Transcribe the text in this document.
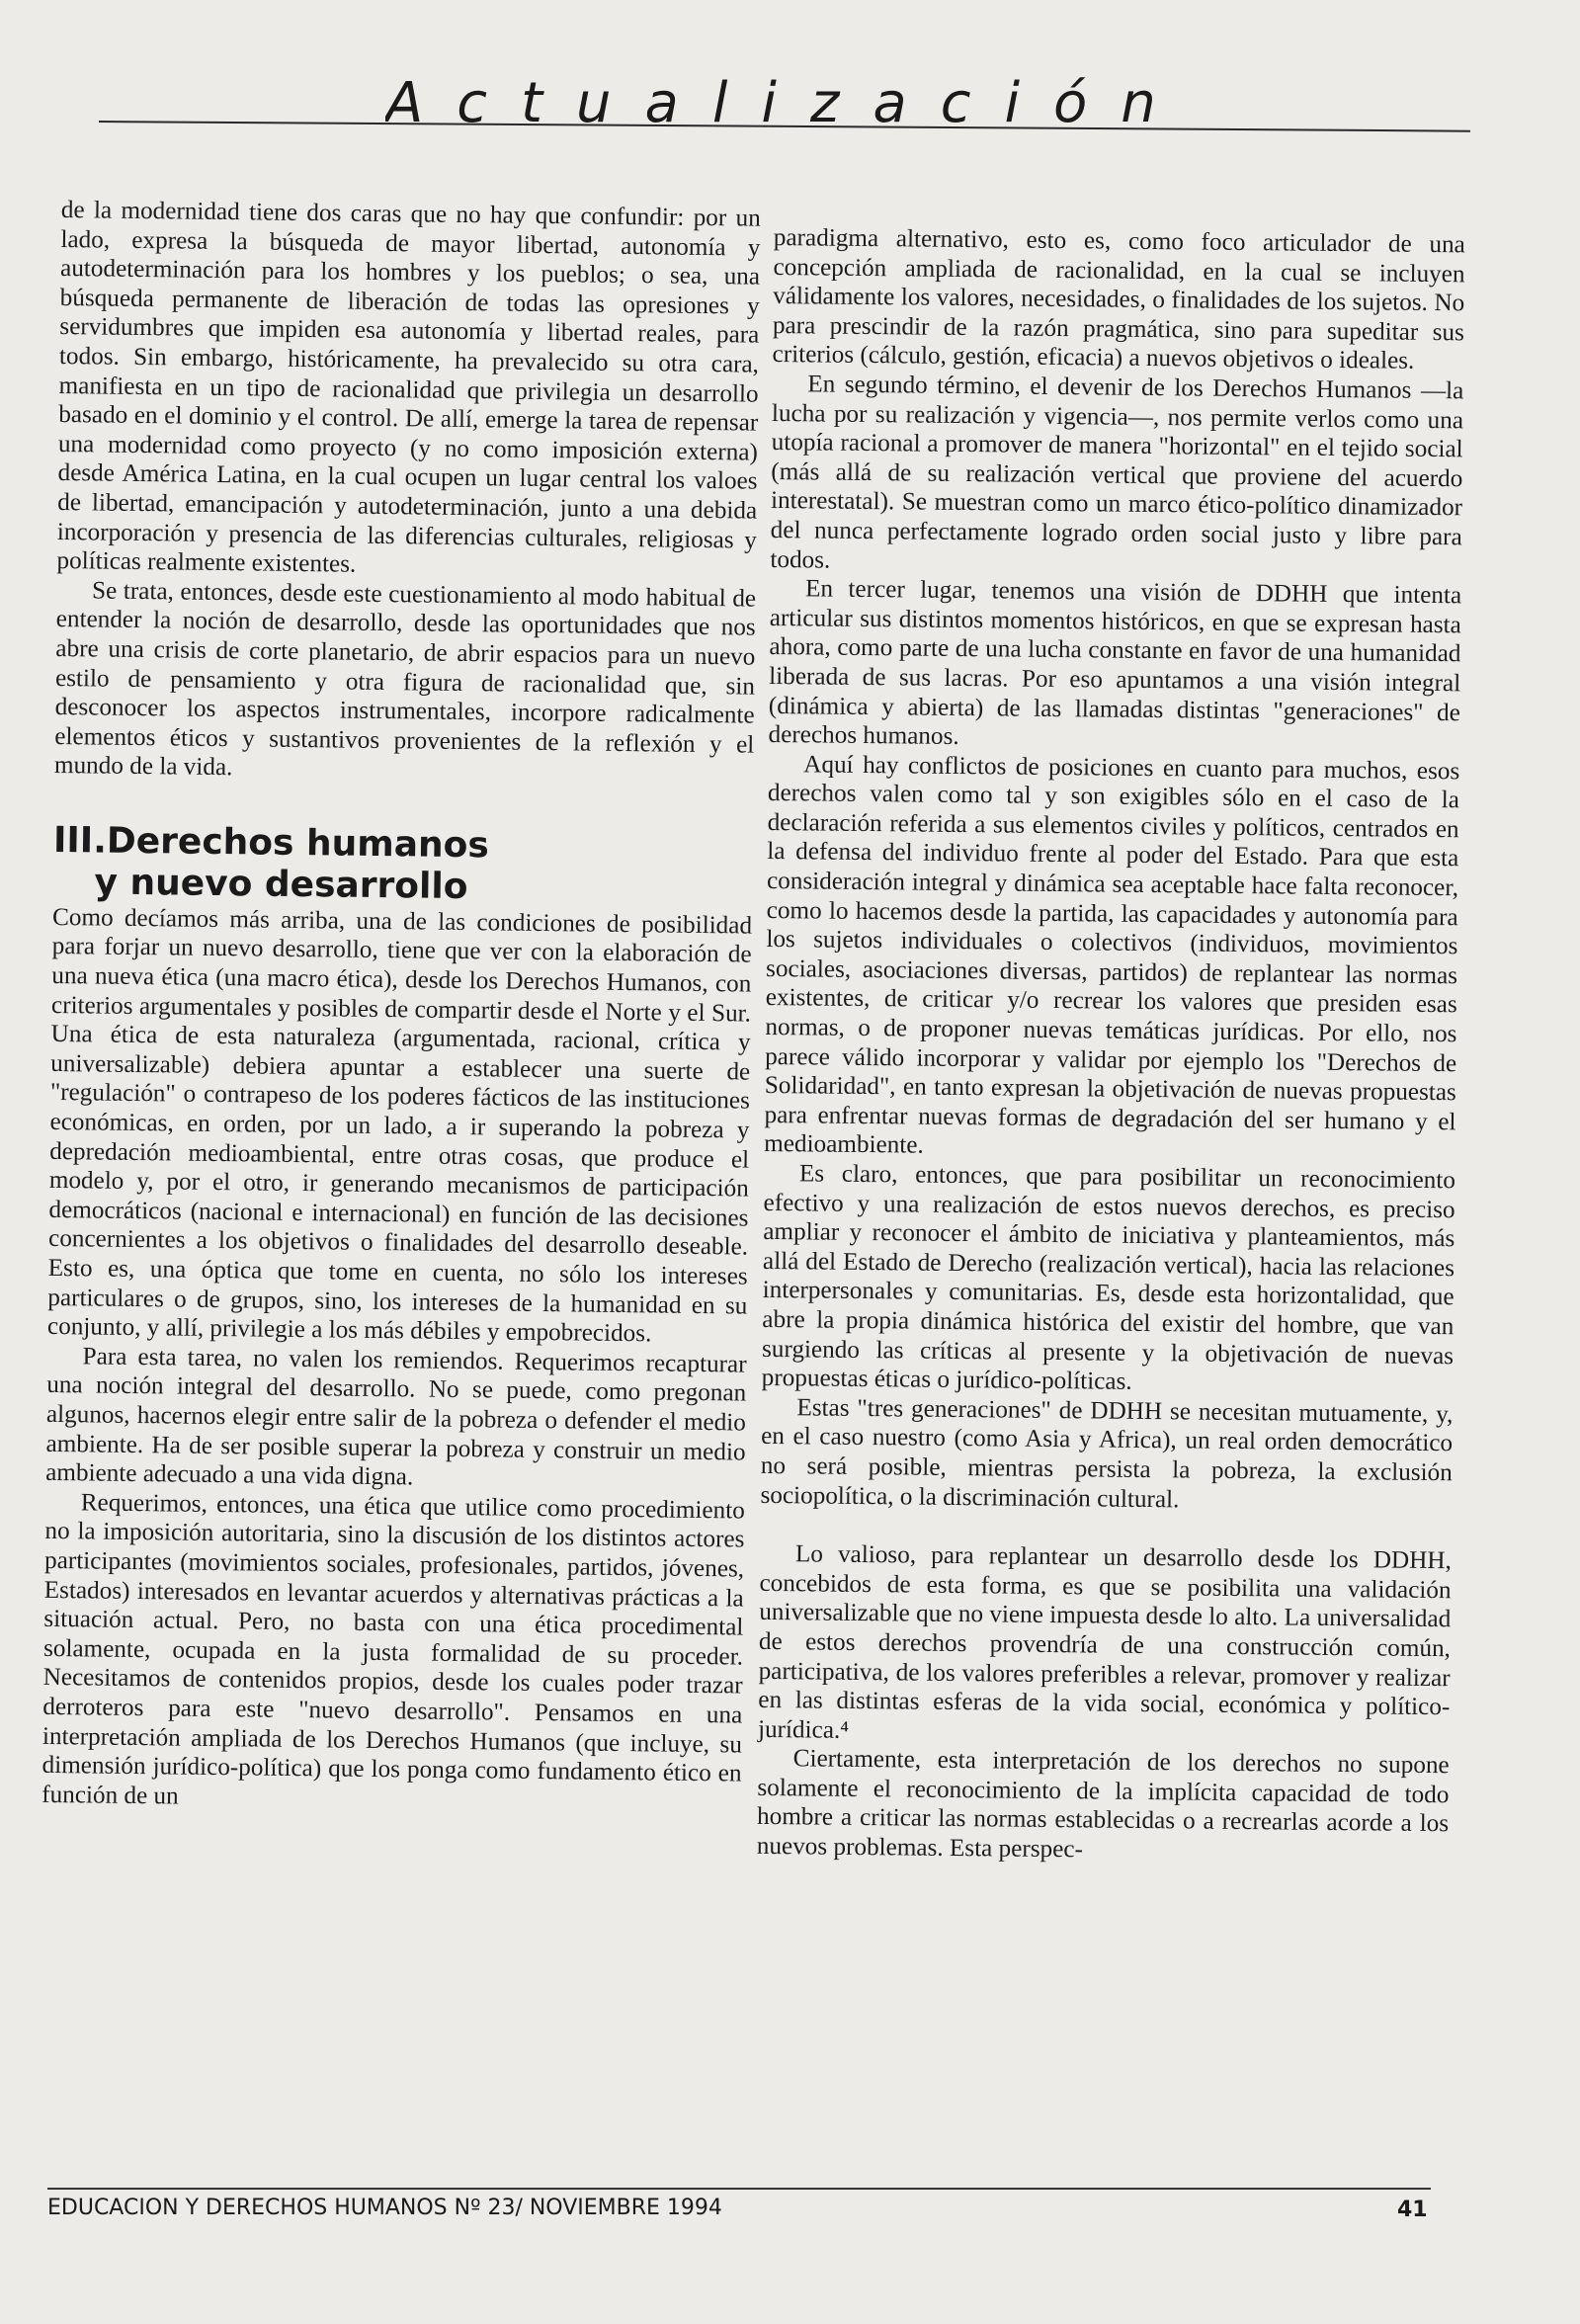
Actualización

de la modernidad tiene dos caras que no hay que confundir: por un lado, expresa la búsqueda de mayor libertad, autonomía y autodeterminación para los hombres y los pueblos; o sea, una búsqueda permanente de liberación de todas las opresiones y servidumbres que impiden esa autonomía y libertad reales, para todos. Sin embargo, históricamente, ha prevalecido su otra cara, manifiesta en un tipo de racionalidad que privilegia un desarrollo basado en el dominio y el control. De allí, emerge la tarea de repensar una modernidad como proyecto (y no como imposición externa) desde América Latina, en la cual ocupen un lugar central los valoes de libertad, emancipación y autodeterminación, junto a una debida incorporación y presencia de las diferencias culturales, religiosas y políticas realmente existentes.

Se trata, entonces, desde este cuestionamiento al modo habitual de entender la noción de desarrollo, desde las oportunidades que nos abre una crisis de corte planetario, de abrir espacios para un nuevo estilo de pensamiento y otra figura de racionalidad que, sin desconocer los aspectos instrumentales, incorpore radicalmente elementos éticos y sustantivos provenientes de la reflexión y el mundo de la vida.

III.Derechos humanos
y nuevo desarrollo

Como decíamos más arriba, una de las condiciones de posibilidad para forjar un nuevo desarrollo, tiene que ver con la elaboración de una nueva ética (una macro ética), desde los Derechos Humanos, con criterios argumentales y posibles de compartir desde el Norte y el Sur. Una ética de esta naturaleza (argumentada, racional, crítica y universalizable) debiera apuntar a establecer una suerte de "regulación" o contrapeso de los poderes fácticos de las instituciones económicas, en orden, por un lado, a ir superando la pobreza y depredación medioambiental, entre otras cosas, que produce el modelo y, por el otro, ir generando mecanismos de participación democráticos (nacional e internacional) en función de las decisiones concernientes a los objetivos o finalidades del desarrollo deseable. Esto es, una óptica que tome en cuenta, no sólo los intereses particulares o de grupos, sino, los intereses de la humanidad en su conjunto, y allí, privilegie a los más débiles y empobrecidos.

Para esta tarea, no valen los remiendos. Requerimos recapturar una noción integral del desarrollo. No se puede, como pregonan algunos, hacernos elegir entre salir de la pobreza o defender el medio ambiente. Ha de ser posible superar la pobreza y construir un medio ambiente adecuado a una vida digna.

Requerimos, entonces, una ética que utilice como procedimiento no la imposición autoritaria, sino la discusión de los distintos actores participantes (movimientos sociales, profesionales, partidos, jóvenes, Estados) interesados en levantar acuerdos y alternativas prácticas a la situación actual. Pero, no basta con una ética procedimental solamente, ocupada en la justa formalidad de su proceder. Necesitamos de contenidos propios, desde los cuales poder trazar derroteros para este "nuevo desarrollo". Pensamos en una interpretación ampliada de los Derechos Humanos (que incluye, su dimensión jurídico-política) que los ponga como fundamento ético en función de un

paradigma alternativo, esto es, como foco articulador de una concepción ampliada de racionalidad, en la cual se incluyen válidamente los valores, necesidades, o finalidades de los sujetos. No para prescindir de la razón pragmática, sino para supeditar sus criterios (cálculo, gestión, eficacia) a nuevos objetivos o ideales.

En segundo término, el devenir de los Derechos Humanos —la lucha por su realización y vigencia—, nos permite verlos como una utopía racional a promover de manera "horizontal" en el tejido social (más allá de su realización vertical que proviene del acuerdo interestatal). Se muestran como un marco ético-político dinamizador del nunca perfectamente logrado orden social justo y libre para todos.

En tercer lugar, tenemos una visión de DDHH que intenta articular sus distintos momentos históricos, en que se expresan hasta ahora, como parte de una lucha constante en favor de una humanidad liberada de sus lacras. Por eso apuntamos a una visión integral (dinámica y abierta) de las llamadas distintas "generaciones" de derechos humanos.

Aquí hay conflictos de posiciones en cuanto para muchos, esos derechos valen como tal y son exigibles sólo en el caso de la declaración referida a sus elementos civiles y políticos, centrados en la defensa del individuo frente al poder del Estado. Para que esta consideración integral y dinámica sea aceptable hace falta reconocer, como lo hacemos desde la partida, las capacidades y autonomía para los sujetos individuales o colectivos (individuos, movimientos sociales, asociaciones diversas, partidos) de replantear las normas existentes, de criticar y/o recrear los valores que presiden esas normas, o de proponer nuevas temáticas jurídicas. Por ello, nos parece válido incorporar y validar por ejemplo los "Derechos de Solidaridad", en tanto expresan la objetivación de nuevas propuestas para enfrentar nuevas formas de degradación del ser humano y el medioambiente.

Es claro, entonces, que para posibilitar un reconocimiento efectivo y una realización de estos nuevos derechos, es preciso ampliar y reconocer el ámbito de iniciativa y planteamientos, más allá del Estado de Derecho (realización vertical), hacia las relaciones interpersonales y comunitarias. Es, desde esta horizontalidad, que abre la propia dinámica histórica del existir del hombre, que van surgiendo las críticas al presente y la objetivación de nuevas propuestas éticas o jurídico-políticas.

Estas "tres generaciones" de DDHH se necesitan mutuamente, y, en el caso nuestro (como Asia y Africa), un real orden democrático no será posible, mientras persista la pobreza, la exclusión sociopolítica, o la discriminación cultural.

Lo valioso, para replantear un desarrollo desde los DDHH, concebidos de esta forma, es que se posibilita una validación universalizable que no viene impuesta desde lo alto. La universalidad de estos derechos provendría de una construcción común, participativa, de los valores preferibles a relevar, promover y realizar en las distintas esferas de la vida social, económica y político-jurídica.⁴

Ciertamente, esta interpretación de los derechos no supone solamente el reconocimiento de la implícita capacidad de todo hombre a criticar las normas establecidas o a recrearlas acorde a los nuevos problemas. Esta perspec-

EDUCACION Y DERECHOS HUMANOS Nº 23/ NOVIEMBRE 1994	41
